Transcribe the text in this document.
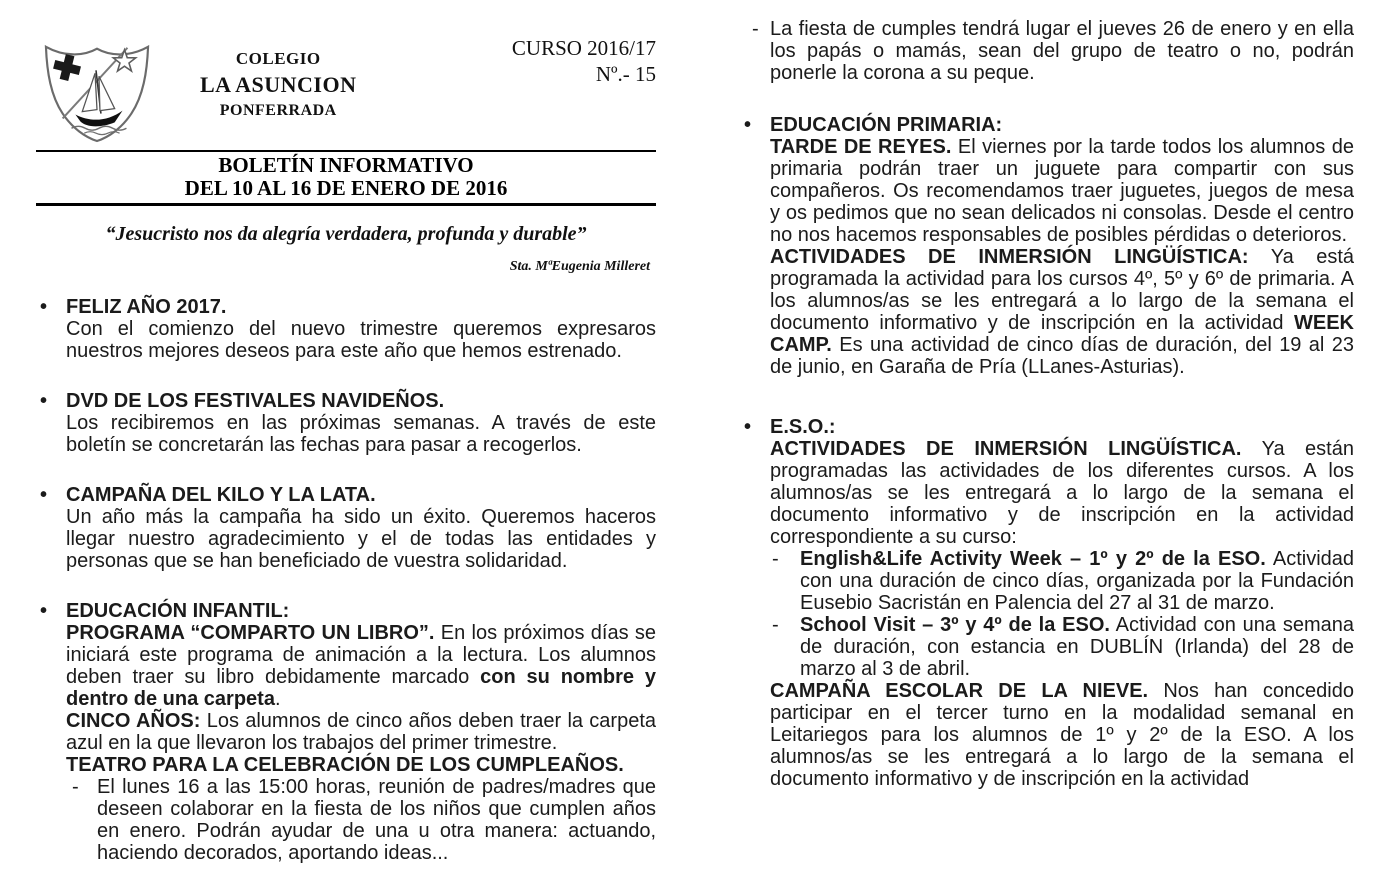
COLEGIO
LA ASUNCION
PONFERRADA
CURSO 2016/17
Nº.- 15
BOLETÍN INFORMATIVO
DEL 10 AL 16 DE ENERO DE 2016
“Jesucristo nos da alegría verdadera, profunda y durable”
Sta. MªEugenia Milleret
• FELIZ AÑO 2017.

Con el comienzo del nuevo trimestre queremos expresaros nuestros mejores deseos para este año que hemos estrenado.

• DVD DE LOS FESTIVALES NAVIDEÑOS.

Los recibiremos en las próximas semanas. A través de este boletín se concretarán las fechas para pasar a recogerlos.

• CAMPAÑA DEL KILO Y LA LATA.

Un año más la campaña ha sido un éxito. Queremos haceros llegar nuestro agradecimiento y el de todas las entidades y personas que se han beneficiado de vuestra solidaridad.

• EDUCACIÓN INFANTIL:

PROGRAMA “COMPARTO UN LIBRO”. En los próximos días se iniciará este programa de animación a la lectura. Los alumnos deben traer su libro debidamente marcado con su nombre y dentro de una carpeta.

CINCO AÑOS: Los alumnos de cinco años deben traer la carpeta azul en la que llevaron los trabajos del primer trimestre.

TEATRO PARA LA CELEBRACIÓN DE LOS CUMPLEAÑOS.
- El lunes 16 a las 15:00 horas, reunión de padres/madres que deseen colaborar en la fiesta de los niños que cumplen años en enero. Podrán ayudar de una u otra manera: actuando, haciendo decorados, aportando ideas...

- La fiesta de cumples tendrá lugar el jueves 26 de enero y en ella los papás o mamás, sean del grupo de teatro o no, podrán ponerle la corona a su peque.

• EDUCACIÓN PRIMARIA:

TARDE DE REYES. El viernes por la tarde todos los alumnos de primaria podrán traer un juguete para compartir con sus compañeros. Os recomendamos traer juguetes, juegos de mesa y os pedimos que no sean delicados ni consolas. Desde el centro no nos hacemos responsables de posibles pérdidas o deterioros.

ACTIVIDADES DE INMERSIÓN LINGÜÍSTICA: Ya está programada la actividad para los cursos 4º, 5º y 6º de primaria. A los alumnos/as se les entregará a lo largo de la semana el documento informativo y de inscripción en la actividad WEEK CAMP. Es una actividad de cinco días de duración, del 19 al 23 de junio, en Garaña de Pría (LLanes-Asturias).

• E.S.O.:

ACTIVIDADES DE INMERSIÓN LINGÜÍSTICA. Ya están programadas las actividades de los diferentes cursos. A los alumnos/as se les entregará a lo largo de la semana el documento informativo y de inscripción en la actividad correspondiente a su curso:

-	English&Life Activity Week – 1º y 2º de la ESO. Actividad con una duración de cinco días, organizada por la Fundación Eusebio Sacristán en Palencia del 27 al 31 de marzo.

-	School Visit – 3º y 4º de la ESO. Actividad con una semana de duración, con estancia en DUBLÍN (Irlanda) del 28 de marzo al 3 de abril.

CAMPAÑA ESCOLAR DE LA NIEVE. Nos han concedido participar en el tercer turno en la modalidad semanal en Leitariegos para los alumnos de 1º y 2º de la ESO. A los alumnos/as se les entregará a lo largo de la semana el documento informativo y de inscripción en la actividad
